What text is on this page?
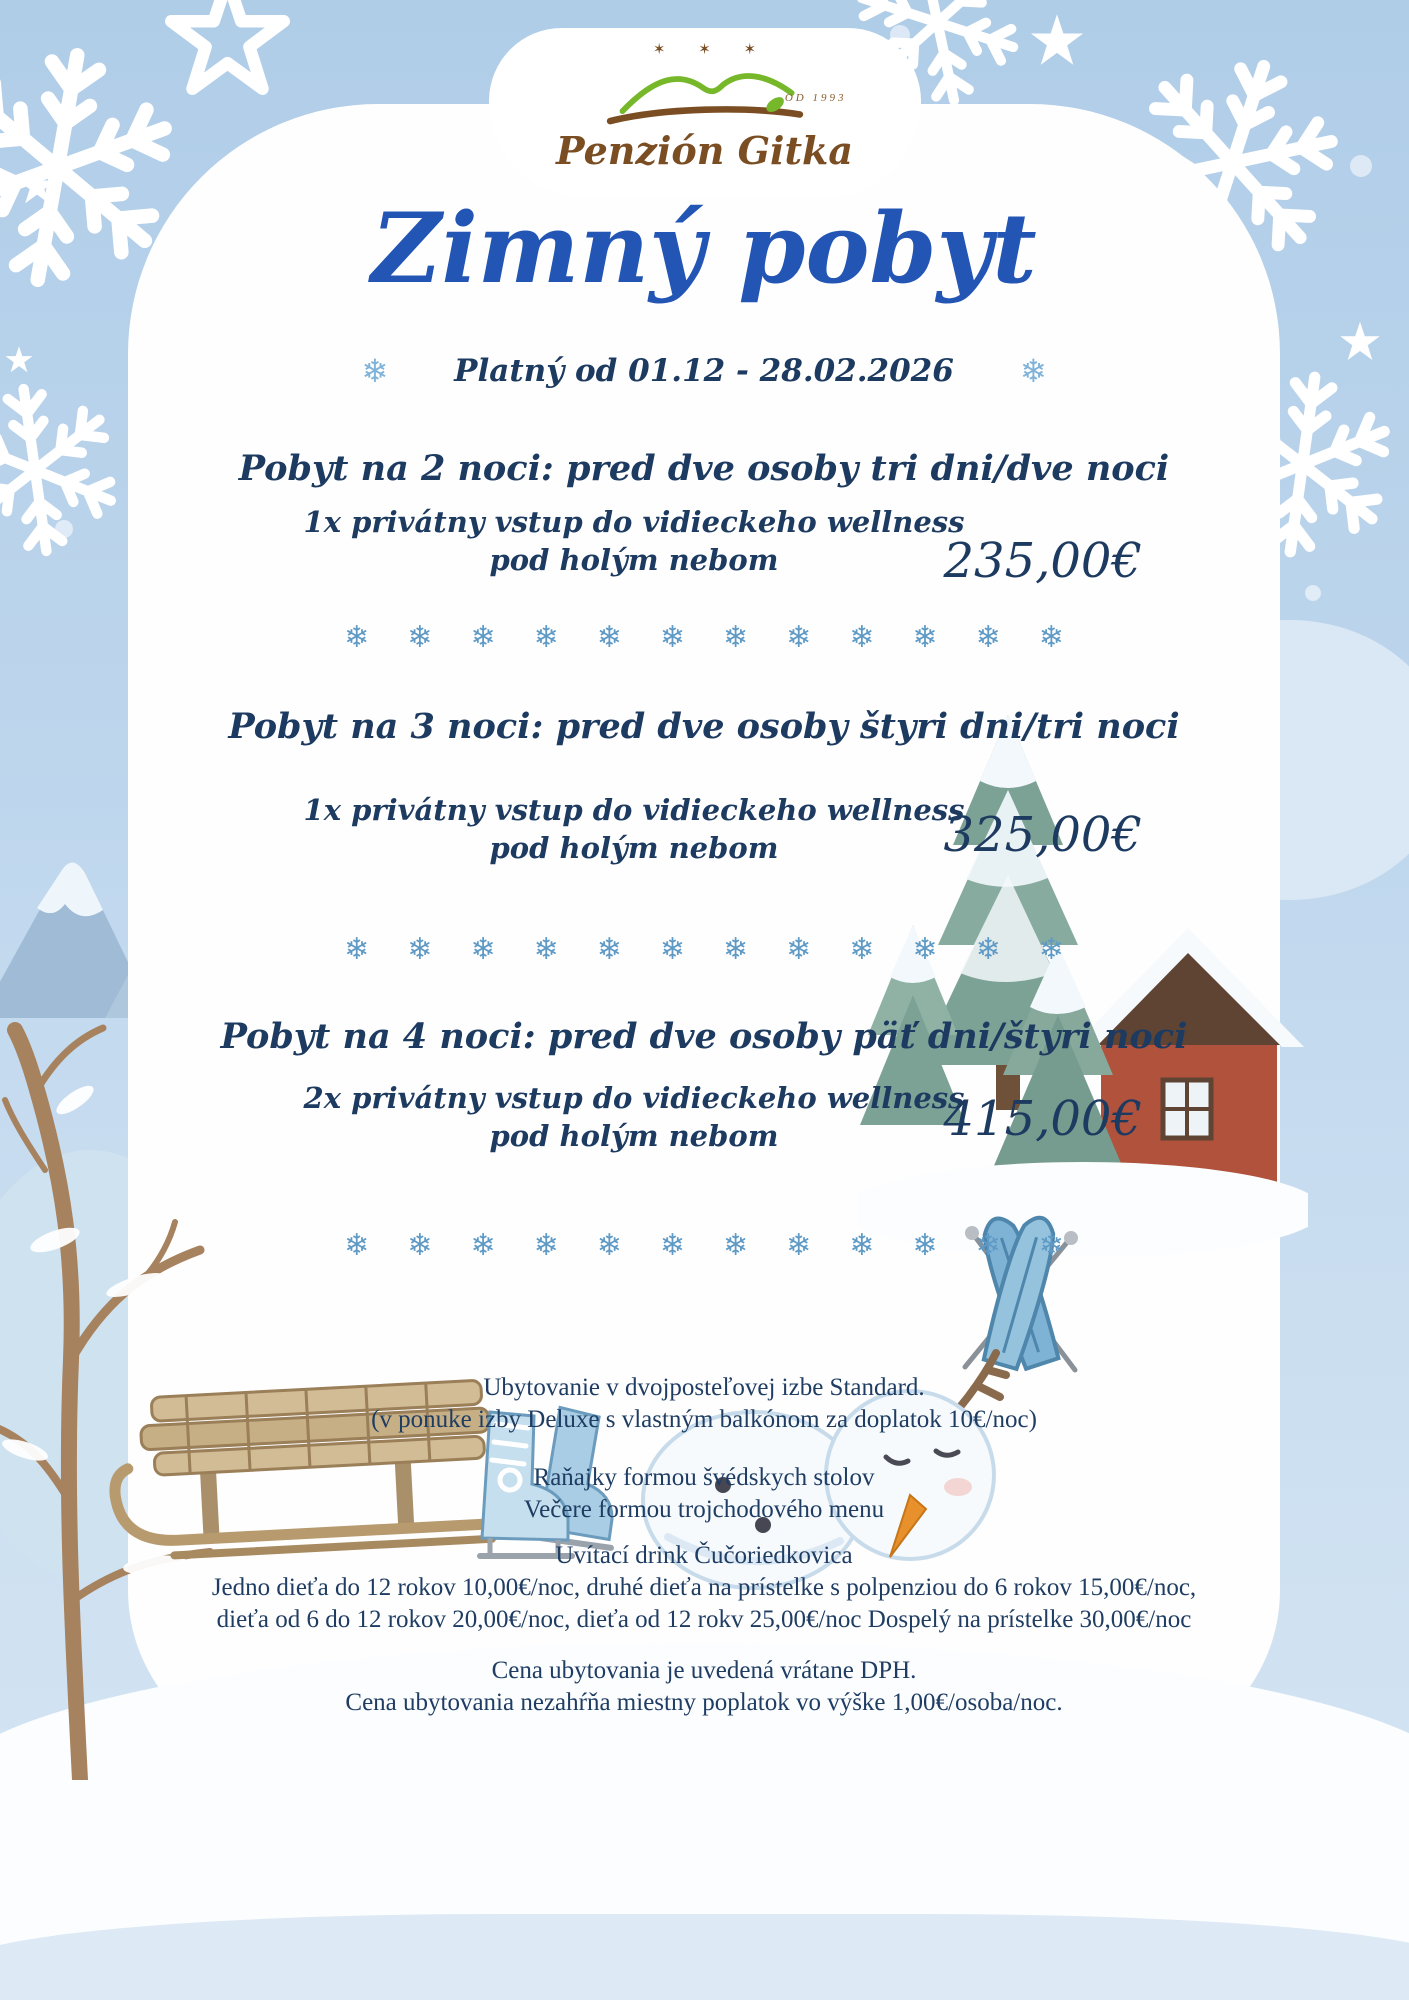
✶ ✶ ✶
OD 1993
Penzión Gitka
Zimný pobyt
❄ Platný od 01.12 - 28.02.2026 ❄
Pobyt na 2 noci: pred dve osoby tri dni/dve noci
1x privátny vstup do vidieckeho wellness
pod holým nebom	235,00€
❄ ❄ ❄ ❄ ❄ ❄ ❄ ❄ ❄ ❄ ❄ ❄
Pobyt na 3 noci: pred dve osoby štyri dni/tri noci
1x privátny vstup do vidieckeho wellness
pod holým nebom	325,00€
❄ ❄ ❄ ❄ ❄ ❄ ❄ ❄ ❄ ❄ ❄ ❄
Pobyt na 4 noci: pred dve osoby päť dni/štyri noci
2x privátny vstup do vidieckeho wellness
pod holým nebom	415,00€
❄ ❄ ❄ ❄ ❄ ❄ ❄ ❄ ❄ ❄ ❄ ❄
Ubytovanie v dvojposteľovej izbe Standard.
(v ponuke izby Deluxe s vlastným balkónom za doplatok 10€/noc)
Raňajky formou švédskych stolov
Večere formou trojchodového menu
Uvítací drink Čučoriedkovica
Jedno dieťa do 12 rokov 10,00€/noc, druhé dieťa na prístelke s polpenziou do 6 rokov 15,00€/noc,
dieťa od 6 do 12 rokov 20,00€/noc, dieťa od 12 rokv 25,00€/noc Dospelý na prístelke 30,00€/noc
Cena ubytovania je uvedená vrátane DPH.
Cena ubytovania nezahŕňa miestny poplatok vo výške 1,00€/osoba/noc.
